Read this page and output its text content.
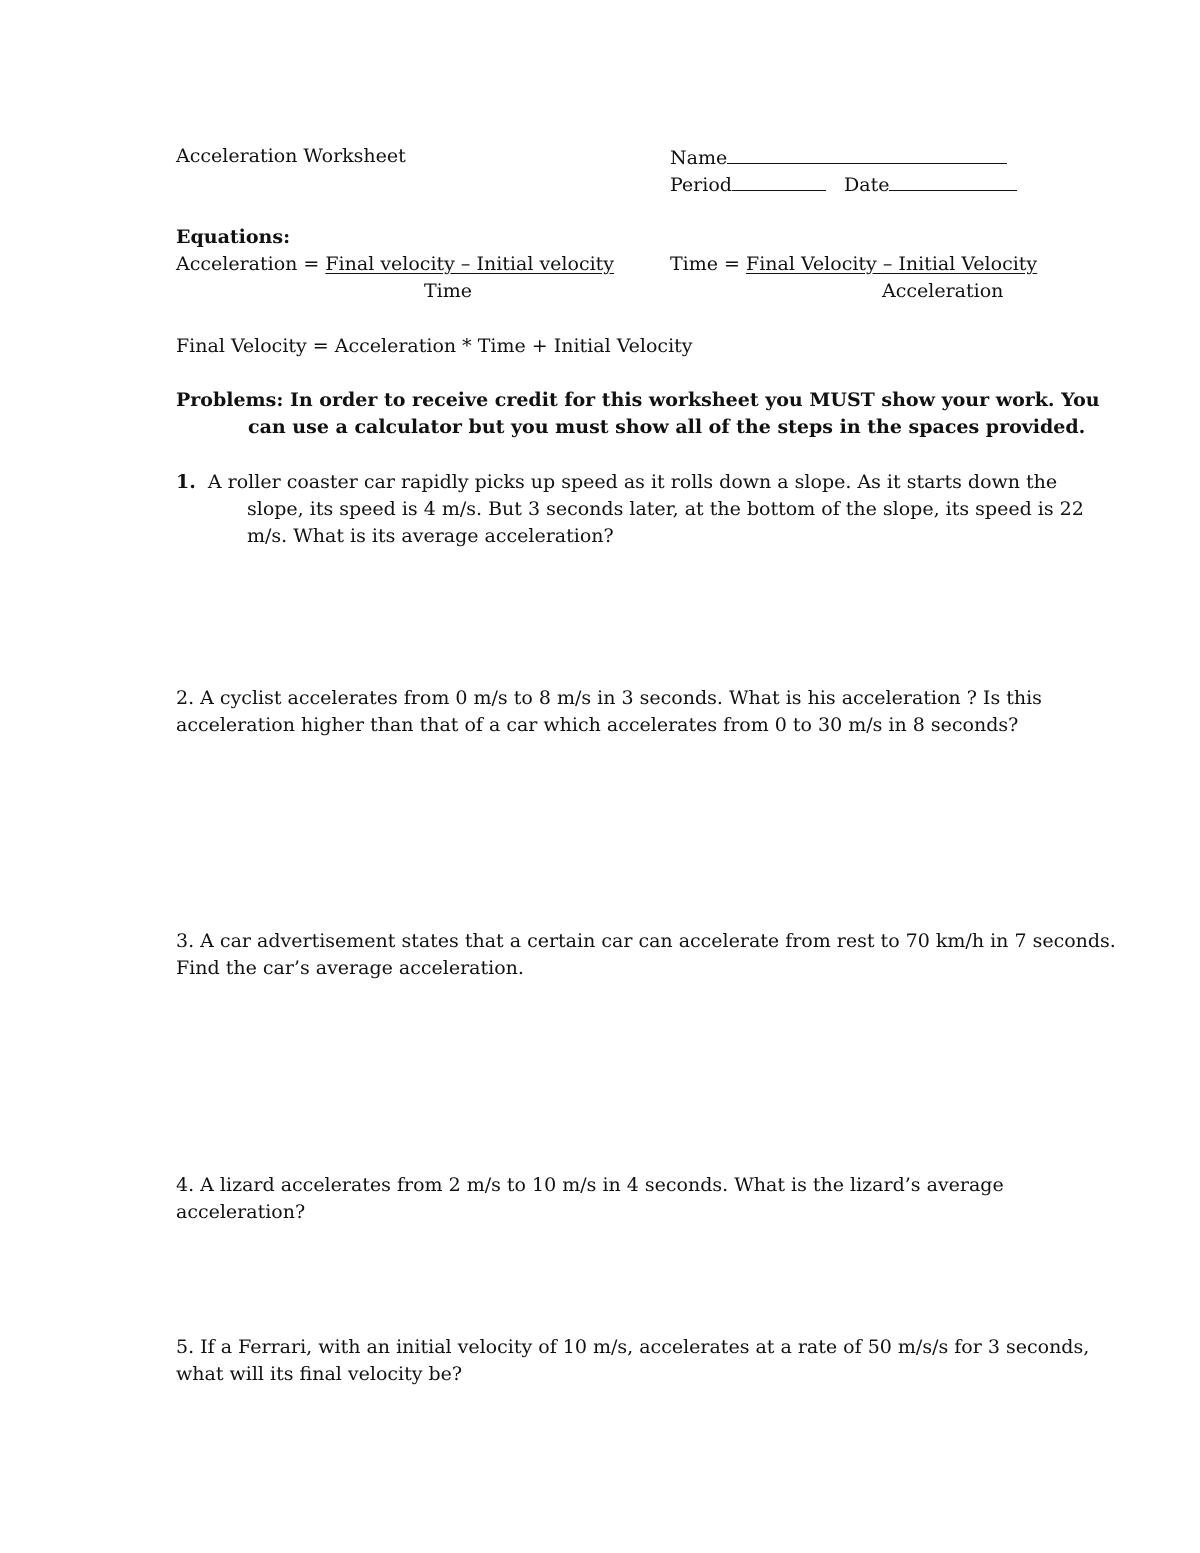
Acceleration Worksheet	Name
Period	Date
Equations:
Acceleration = Final velocity – Initial velocity
Time
Time = Final Velocity – Initial Velocity
Acceleration
Final Velocity = Acceleration * Time + Initial Velocity
Problems: In order to receive credit for this worksheet you MUST show your work. You
can use a calculator but you must show all of the steps in the spaces provided.
1. A roller coaster car rapidly picks up speed as it rolls down a slope. As it starts down the
slope, its speed is 4 m/s. But 3 seconds later, at the bottom of the slope, its speed is 22
m/s. What is its average acceleration?
2. A cyclist accelerates from 0 m/s to 8 m/s in 3 seconds. What is his acceleration ? Is this
acceleration higher than that of a car which accelerates from 0 to 30 m/s in 8 seconds?
3. A car advertisement states that a certain car can accelerate from rest to 70 km/h in 7 seconds.
Find the car’s average acceleration.
4. A lizard accelerates from 2 m/s to 10 m/s in 4 seconds. What is the lizard’s average
acceleration?
5. If a Ferrari, with an initial velocity of 10 m/s, accelerates at a rate of 50 m/s/s for 3 seconds,
what will its final velocity be?
